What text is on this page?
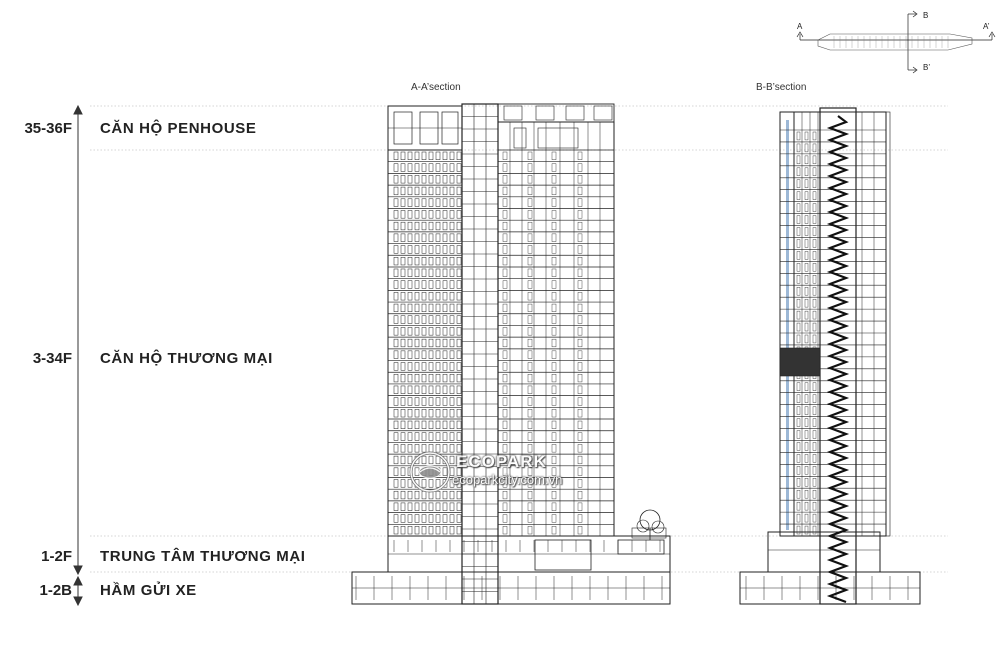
35-36F CĂN HỘ PENHOUSE
3-34F CĂN HỘ THƯƠNG MẠI
1-2F TRUNG TÂM THƯƠNG MẠI
1-2B HẦM GỬI XE
A-A’section	B-B’section
A	A’
B
B’
ECOPARK
ecoparkcity.com.vn
